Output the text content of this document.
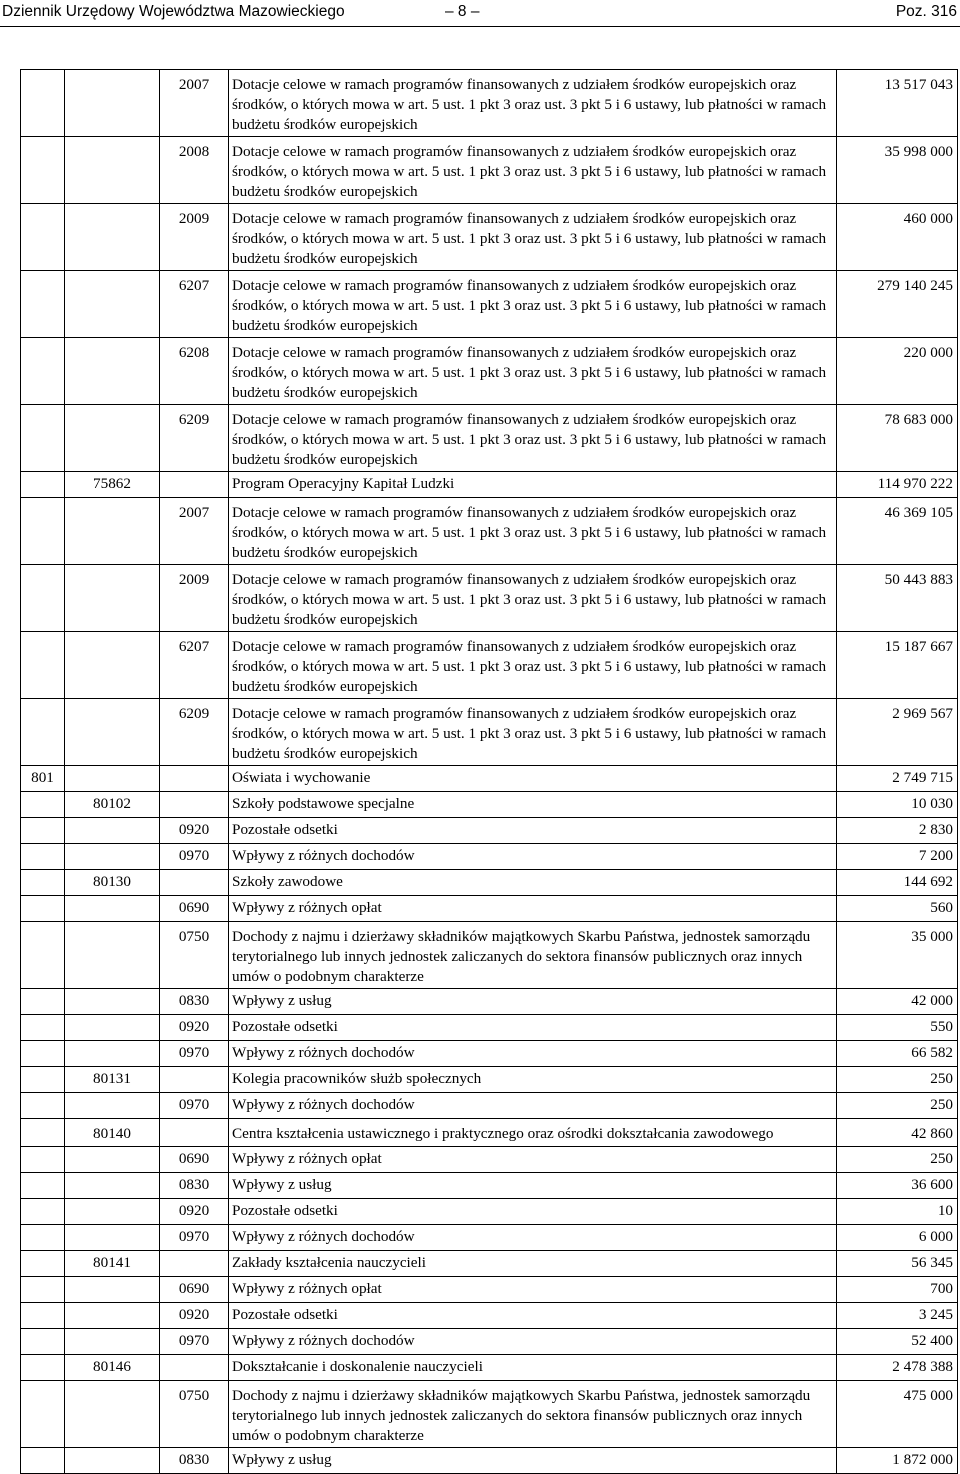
Dziennik Urzędowy Województwa Mazowieckiego	– 8 –	Poz. 316
		2007	Dotacje celowe w ramach programów finansowanych z udziałem środków europejskich oraz środków, o których mowa w art. 5 ust. 1 pkt 3 oraz ust. 3 pkt 5 i 6 ustawy, lub płatności w ramach budżetu środków europejskich	13 517 043
		2008	Dotacje celowe w ramach programów finansowanych z udziałem środków europejskich oraz środków, o których mowa w art. 5 ust. 1 pkt 3 oraz ust. 3 pkt 5 i 6 ustawy, lub płatności w ramach budżetu środków europejskich	35 998 000
		2009	Dotacje celowe w ramach programów finansowanych z udziałem środków europejskich oraz środków, o których mowa w art. 5 ust. 1 pkt 3 oraz ust. 3 pkt 5 i 6 ustawy, lub płatności w ramach budżetu środków europejskich	460 000
		6207	Dotacje celowe w ramach programów finansowanych z udziałem środków europejskich oraz środków, o których mowa w art. 5 ust. 1 pkt 3 oraz ust. 3 pkt 5 i 6 ustawy, lub płatności w ramach budżetu środków europejskich	279 140 245
		6208	Dotacje celowe w ramach programów finansowanych z udziałem środków europejskich oraz środków, o których mowa w art. 5 ust. 1 pkt 3 oraz ust. 3 pkt 5 i 6 ustawy, lub płatności w ramach budżetu środków europejskich	220 000
		6209	Dotacje celowe w ramach programów finansowanych z udziałem środków europejskich oraz środków, o których mowa w art. 5 ust. 1 pkt 3 oraz ust. 3 pkt 5 i 6 ustawy, lub płatności w ramach budżetu środków europejskich	78 683 000
	75862		Program Operacyjny Kapitał Ludzki	114 970 222
		2007	Dotacje celowe w ramach programów finansowanych z udziałem środków europejskich oraz środków, o których mowa w art. 5 ust. 1 pkt 3 oraz ust. 3 pkt 5 i 6 ustawy, lub płatności w ramach budżetu środków europejskich	46 369 105
		2009	Dotacje celowe w ramach programów finansowanych z udziałem środków europejskich oraz środków, o których mowa w art. 5 ust. 1 pkt 3 oraz ust. 3 pkt 5 i 6 ustawy, lub płatności w ramach budżetu środków europejskich	50 443 883
		6207	Dotacje celowe w ramach programów finansowanych z udziałem środków europejskich oraz środków, o których mowa w art. 5 ust. 1 pkt 3 oraz ust. 3 pkt 5 i 6 ustawy, lub płatności w ramach budżetu środków europejskich	15 187 667
		6209	Dotacje celowe w ramach programów finansowanych z udziałem środków europejskich oraz środków, o których mowa w art. 5 ust. 1 pkt 3 oraz ust. 3 pkt 5 i 6 ustawy, lub płatności w ramach budżetu środków europejskich	2 969 567
801			Oświata i wychowanie	2 749 715
	80102		Szkoły podstawowe specjalne	10 030
		0920	Pozostałe odsetki	2 830
		0970	Wpływy z różnych dochodów	7 200
	80130		Szkoły zawodowe	144 692
		0690	Wpływy z różnych opłat	560
		0750	Dochody z najmu i dzierżawy składników majątkowych Skarbu Państwa, jednostek samorządu terytorialnego lub innych jednostek zaliczanych do sektora finansów publicznych oraz innych umów o podobnym charakterze	35 000
		0830	Wpływy z usług	42 000
		0920	Pozostałe odsetki	550
		0970	Wpływy z różnych dochodów	66 582
	80131		Kolegia pracowników służb społecznych	250
		0970	Wpływy z różnych dochodów	250
	80140		Centra kształcenia ustawicznego i praktycznego oraz ośrodki dokształcania zawodowego	42 860
		0690	Wpływy z różnych opłat	250
		0830	Wpływy z usług	36 600
		0920	Pozostałe odsetki	10
		0970	Wpływy z różnych dochodów	6 000
	80141		Zakłady kształcenia nauczycieli	56 345
		0690	Wpływy z różnych opłat	700
		0920	Pozostałe odsetki	3 245
		0970	Wpływy z różnych dochodów	52 400
	80146		Dokształcanie i doskonalenie nauczycieli	2 478 388
		0750	Dochody z najmu i dzierżawy składników majątkowych Skarbu Państwa, jednostek samorządu terytorialnego lub innych jednostek zaliczanych do sektora finansów publicznych oraz innych umów o podobnym charakterze	475 000
		0830	Wpływy z usług	1 872 000
